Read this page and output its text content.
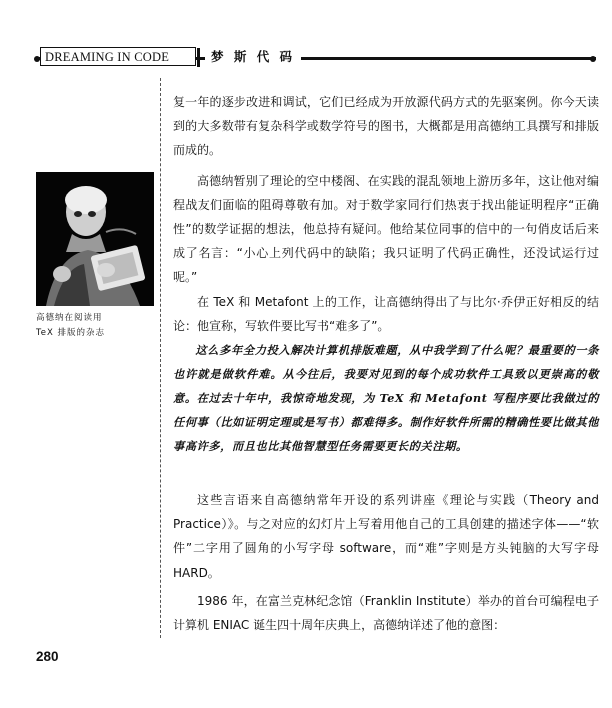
DREAMING IN CODE	梦 斯 代 码

高德纳在阅读用

TeX 排版的杂志

复一年的逐步改进和调试，它们已经成为开放源代码方式的先驱案例。你今天读到的大多数带有复杂科学或数学符号的图书，大概都是用高德纳工具撰写和排版而成的。

高德纳暂别了理论的空中楼阁、在实践的混乱领地上游历多年，这让他对编程战友们面临的阻碍尊敬有加。对于数学家同行们热衷于找出能证明程序“正确性”的数学证据的想法，他总持有疑问。他给某位同事的信中的一句俏皮话后来成了名言：“小心上列代码中的缺陷；我只证明了代码正确性，还没试运行过呢。”

在 TeX 和 Metafont 上的工作，让高德纳得出了与比尔·乔伊正好相反的结论：他宣称，写软件要比写书“难多了”。

这么多年全力投入解决计算机排版难题，从中我学到了什么呢？最重要的一条也许就是做软件难。从今往后，我要对见到的每个成功软件工具致以更崇高的敬意。在过去十年中，我惊奇地发现，为 TeX 和 Metafont 写程序要比我做过的任何事（比如证明定理或是写书）都难得多。制作好软件所需的精确性要比做其他事高许多，而且也比其他智慧型任务需要更长的关注期。

这些言语来自高德纳常年开设的系列讲座《理论与实践（Theory and Practice）》。与之对应的幻灯片上写着用他自己的工具创建的描述字体——“软件”二字用了圆角的小写字母 software，而“难”字则是方头钝脑的大写字母 HARD。

1986 年，在富兰克林纪念馆（Franklin Institute）举办的首台可编程电子计算机 ENIAC 诞生四十周年庆典上，高德纳详述了他的意图：

280
